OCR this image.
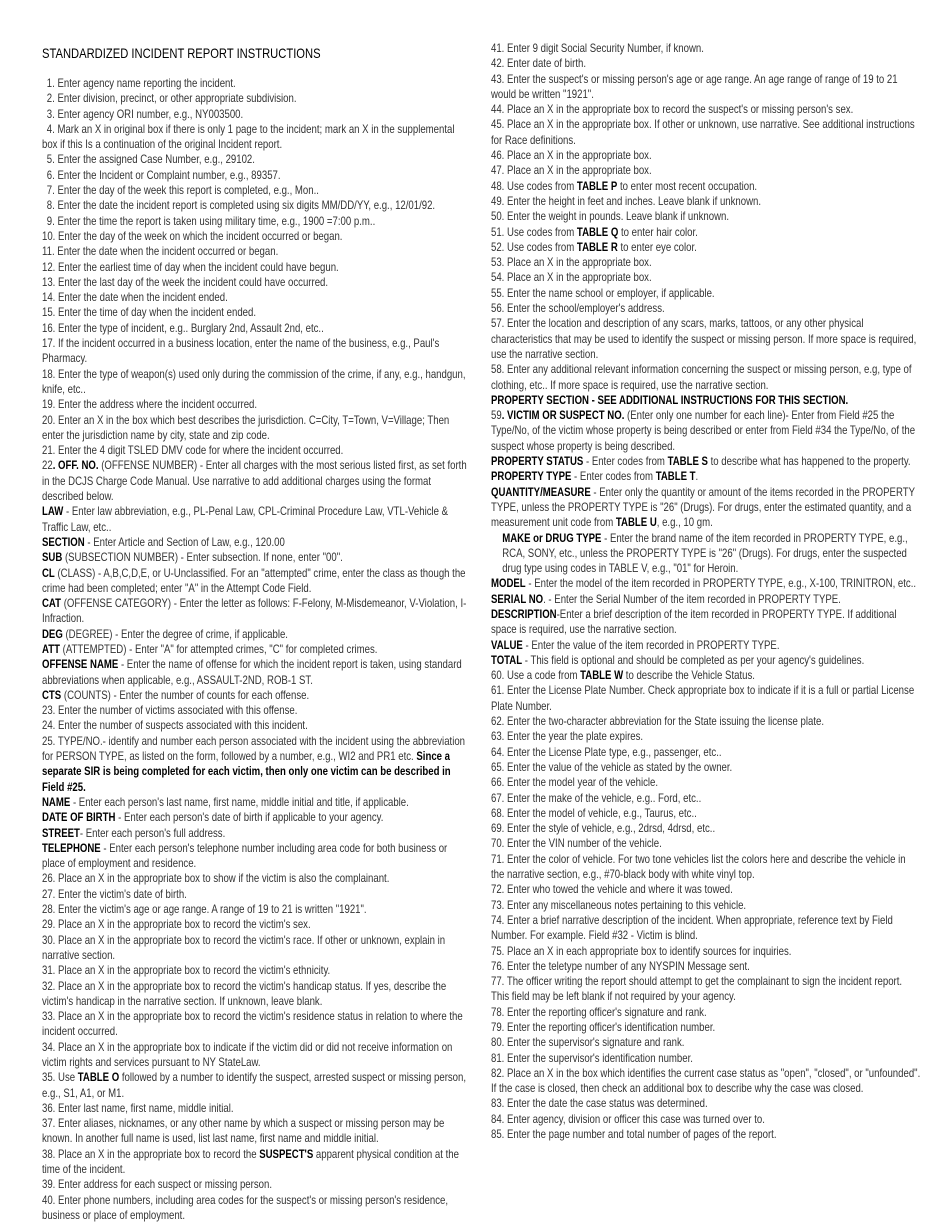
STANDARDIZED INCIDENT REPORT INSTRUCTIONS

1. Enter agency name reporting the incident.

2. Enter division, precinct, or other appropriate subdivision.

3. Enter agency ORI number, e.g., NY003500.

4. Mark an X in original box if there is only 1 page to the incident; mark an X in the supplemental box if this Is a continuation of the original Incident report.

5. Enter the assigned Case Number, e.g., 29102.

6. Enter the Incident or Complaint number, e.g., 89357.

7. Enter the day of the week this report is completed, e.g., Mon..

8. Enter the date the incident report is completed using six digits MM/DD/YY, e.g., 12/01/92.

9. Enter the time the report is taken using military time, e.g., 1900 =7:00 p.m..

10. Enter the day of the week on which the incident occurred or began.

11. Enter the date when the incident occurred or began.

12. Enter the earliest time of day when the incident could have begun.

13. Enter the last day of the week the incident could have occurred.

14. Enter the date when the incident ended.

15. Enter the time of day when the incident ended.

16. Enter the type of incident, e.g.. Burglary 2nd, Assault 2nd, etc..

17. If the incident occurred in a business location, enter the name of the business, e.g., Paul's Pharmacy.

18. Enter the type of weapon(s) used only during the commission of the crime, if any, e.g., handgun, knife, etc..

19. Enter the address where the incident occurred.

20. Enter an X in the box which best describes the jurisdiction. C=City, T=Town, V=Village; Then enter the jurisdiction name by city, state and zip code.

21. Enter the 4 digit TSLED DMV code for where the incident occurred.

22. OFF. NO. (OFFENSE NUMBER) - Enter all charges with the most serious listed first, as set forth in the DCJS Charge Code Manual. Use narrative to add additional charges using the format described below.

LAW - Enter law abbreviation, e.g., PL-Penal Law, CPL-Criminal Procedure Law, VTL-Vehicle & Traffic Law, etc..

SECTION - Enter Article and Section of Law, e.g., 120.00

SUB (SUBSECTION NUMBER) - Enter subsection. If none, enter "00".

CL (CLASS) - A,B,C,D,E, or U-Unclassified. For an "attempted" crime, enter the class as though the crime had been completed; enter "A" in the Attempt Code Field.

CAT (OFFENSE CATEGORY) - Enter the letter as follows: F-Felony, M-Misdemeanor, V-Violation, I-Infraction.

DEG (DEGREE) - Enter the degree of crime, if applicable.

ATT (ATTEMPTED) - Enter "A" for attempted crimes, "C" for completed crimes.

OFFENSE NAME - Enter the name of offense for which the incident report is taken, using standard abbreviations when applicable, e.g., ASSAULT-2ND, ROB-1 ST.

CTS (COUNTS) - Enter the number of counts for each offense.

23. Enter the number of victims associated with this offense.

24. Enter the number of suspects associated with this incident.

25. TYPE/NO.- identify and number each person associated with the incident using the abbreviation for PERSON TYPE, as listed on the form, followed by a number, e.g., WI2 and PR1 etc. Since a separate SIR is being completed for each victim, then only one victim can be described in Field #25.

NAME - Enter each person's last name, first name, middle initial and title, if applicable.

DATE OF BIRTH - Enter each person's date of birth if applicable to your agency.

STREET- Enter each person's full address.

TELEPHONE - Enter each person's telephone number including area code for both business or place of employment and residence.

26. Place an X in the appropriate box to show if the victim is also the complainant.

27. Enter the victim's date of birth.

28. Enter the victim's age or age range. A range of 19 to 21 is written "1921".

29. Place an X in the appropriate box to record the victim's sex.

30. Place an X in the appropriate box to record the victim's race. If other or unknown, explain in narrative section.

31. Place an X in the appropriate box to record the victim's ethnicity.

32. Place an X in the appropriate box to record the victim's handicap status. If yes, describe the victim's handicap in the narrative section. If unknown, leave blank.

33. Place an X in the appropriate box to record the victim's residence status in relation to where the incident occurred.

34. Place an X in the appropriate box to indicate if the victim did or did not receive information on victim rights and services pursuant to NY StateLaw.

35. Use TABLE O followed by a number to identify the suspect, arrested suspect or missing person, e.g., S1, A1, or M1.

36. Enter last name, first name, middle initial.

37. Enter aliases, nicknames, or any other name by which a suspect or missing person may be known. In another full name is used, list last name, first name and middle initial.

38. Place an X in the appropriate box to record the SUSPECT'S apparent physical condition at the time of the incident.

39. Enter address for each suspect or missing person.

40. Enter phone numbers, including area codes for the suspect's or missing person's residence, business or place of employment.

41. Enter 9 digit Social Security Number, if known.

42. Enter date of birth.

43. Enter the suspect's or missing person's age or age range. An age range of range of 19 to 21 would be written "1921".

44. Place an X in the appropriate box to record the suspect's or missing person's sex.

45. Place an X in the appropriate box. If other or unknown, use narrative. See additional instructions for Race definitions.

46. Place an X in the appropriate box.

47. Place an X in the appropriate box.

48. Use codes from TABLE P to enter most recent occupation.

49. Enter the height in feet and inches. Leave blank if unknown.

50. Enter the weight in pounds. Leave blank if unknown.

51. Use codes from TABLE Q to enter hair color.

52. Use codes from TABLE R to enter eye color.

53. Place an X in the appropriate box.

54. Place an X in the appropriate box.

55. Enter the name school or employer, if applicable.

56. Enter the school/employer's address.

57. Enter the location and description of any scars, marks, tattoos, or any other physical characteristics that may be used to identify the suspect or missing person. If more space is required, use the narrative section.

58. Enter any additional relevant information concerning the suspect or missing person, e.g, type of clothing, etc.. If more space is required, use the narrative section.

PROPERTY SECTION - SEE ADDITIONAL INSTRUCTIONS FOR THIS SECTION.

59. VICTIM OR SUSPECT NO. (Enter only one number for each line)- Enter from Field #25 the Type/No, of the victim whose property is being described or enter from Field #34 the Type/No, of the suspect whose property is being described.

PROPERTY STATUS - Enter codes from TABLE S to describe what has happened to the property.

PROPERTY TYPE - Enter codes from TABLE T.

QUANTITY/MEASURE - Enter only the quantity or amount of the items recorded in the PROPERTY TYPE, unless the PROPERTY TYPE is "26" (Drugs). For drugs, enter the estimated quantity, and a measurement unit code from TABLE U, e.g., 10 gm.

MAKE or DRUG TYPE - Enter the brand name of the item recorded in PROPERTY TYPE, e.g., RCA, SONY, etc., unless the PROPERTY TYPE is "26" (Drugs). For drugs, enter the suspected drug type using codes in TABLE V, e.g., "01" for Heroin.

MODEL - Enter the model of the item recorded in PROPERTY TYPE, e.g., X-100, TRINITRON, etc..

SERIAL NO. - Enter the Serial Number of the item recorded in PROPERTY TYPE.

DESCRIPTION-Enter a brief description of the item recorded in PROPERTY TYPE. If additional space is required, use the narrative section.

VALUE - Enter the value of the item recorded in PROPERTY TYPE.

TOTAL - This field is optional and should be completed as per your agency's guidelines.

60. Use a code from TABLE W to describe the Vehicle Status.

61. Enter the License Plate Number. Check appropriate box to indicate if it is a full or partial License Plate Number.

62. Enter the two-character abbreviation for the State issuing the license plate.

63. Enter the year the plate expires.

64. Enter the License Plate type, e.g., passenger, etc..

65. Enter the value of the vehicle as stated by the owner.

66. Enter the model year of the vehicle.

67. Enter the make of the vehicle, e.g.. Ford, etc..

68. Enter the model of vehicle, e.g., Taurus, etc..

69. Enter the style of vehicle, e.g., 2drsd, 4drsd, etc..

70. Enter the VIN number of the vehicle.

71. Enter the color of vehicle. For two tone vehicles list the colors here and describe the vehicle in the narrative section, e.g., #70-black body with white vinyl top.

72. Enter who towed the vehicle and where it was towed.

73. Enter any miscellaneous notes pertaining to this vehicle.

74. Enter a brief narrative description of the incident. When appropriate, reference text by Field Number. For example. Field #32 - Victim is blind.

75. Place an X in each appropriate box to identify sources for inquiries.

76. Enter the teletype number of any NYSPIN Message sent.

77. The officer writing the report should attempt to get the complainant to sign the incident report. This field may be left blank if not required by your agency.

78. Enter the reporting officer's signature and rank.

79. Enter the reporting officer's identification number.

80. Enter the supervisor's signature and rank.

81. Enter the supervisor's identification number.

82. Place an X in the box which identifies the current case status as "open", "closed", or "unfounded". If the case is closed, then check an additional box to describe why the case was closed.

83. Enter the date the case status was determined.

84. Enter agency, division or officer this case was turned over to.

85. Enter the page number and total number of pages of the report.
